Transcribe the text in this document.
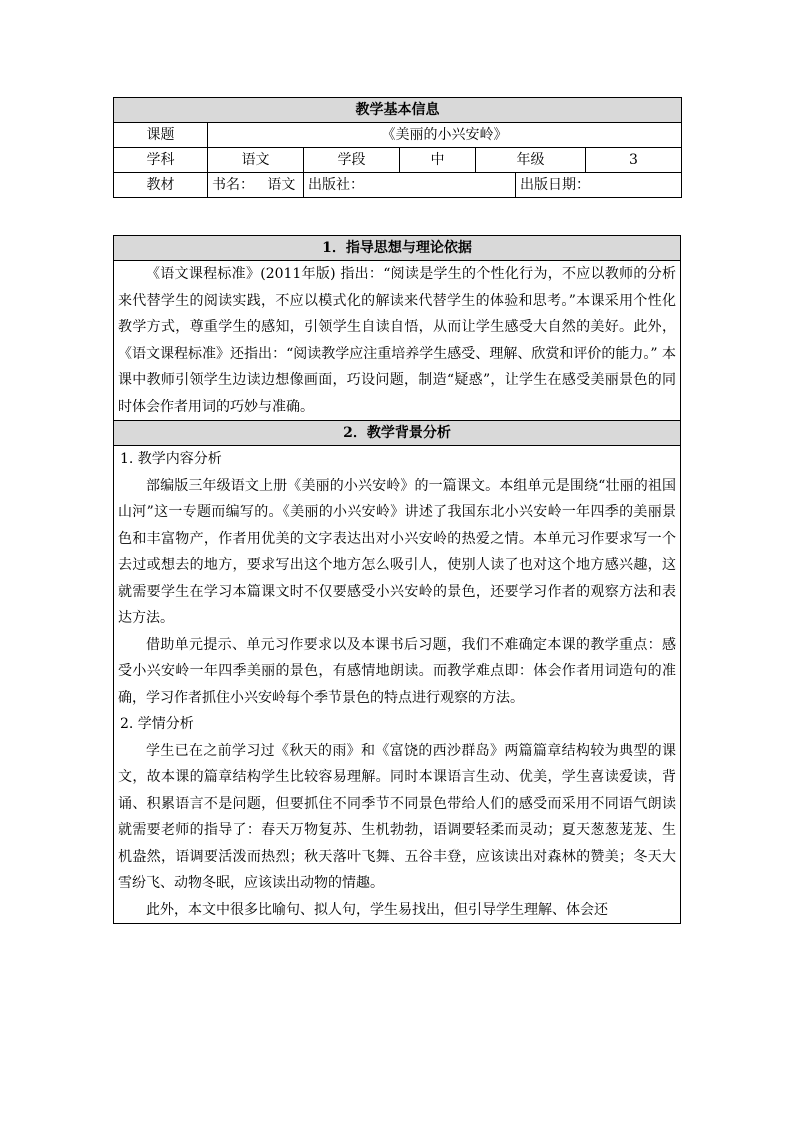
教学基本信息						
课题	《美丽的小兴安岭》					
学科	语文	学段	中	年级		3
教材	书名： 语文	出版社：			出版日期：	
1．指导思想与理论依据

《语文课程标准》(2011年版) 指出：“阅读是学生的个性化行为，不应以教师的分析来代替学生的阅读实践，不应以模式化的解读来代替学生的体验和思考。”本课采用个性化教学方式，尊重学生的感知，引领学生自读自悟，从而让学生感受大自然的美好。此外，《语文课程标准》还指出：“阅读教学应注重培养学生感受、理解、欣赏和评价的能力。” 本课中教师引领学生边读边想像画面，巧设问题，制造“疑惑”，让学生在感受美丽景色的同时体会作者用词的巧妙与准确。

2．教学背景分析

1. 教学内容分析

部编版三年级语文上册《美丽的小兴安岭》的一篇课文。本组单元是围绕“壮丽的祖国山河”这一专题而编写的。《美丽的小兴安岭》讲述了我国东北小兴安岭一年四季的美丽景色和丰富物产，作者用优美的文字表达出对小兴安岭的热爱之情。本单元习作要求写一个去过或想去的地方，要求写出这个地方怎么吸引人，使别人读了也对这个地方感兴趣，这就需要学生在学习本篇课文时不仅要感受小兴安岭的景色，还要学习作者的观察方法和表达方法。

借助单元提示、单元习作要求以及本课书后习题，我们不难确定本课的教学重点：感受小兴安岭一年四季美丽的景色，有感情地朗读。而教学难点即：体会作者用词造句的准确，学习作者抓住小兴安岭每个季节景色的特点进行观察的方法。

2. 学情分析

学生已在之前学习过《秋天的雨》和《富饶的西沙群岛》两篇篇章结构较为典型的课文，故本课的篇章结构学生比较容易理解。同时本课语言生动、优美，学生喜读爱读，背诵、积累语言不是问题，但要抓住不同季节不同景色带给人们的感受而采用不同语气朗读就需要老师的指导了：春天万物复苏、生机勃勃，语调要轻柔而灵动；夏天葱葱茏茏、生机盎然，语调要活泼而热烈；秋天落叶飞舞、五谷丰登，应该读出对森林的赞美；冬天大雪纷飞、动物冬眠，应该读出动物的情趣。

此外，本文中很多比喻句、拟人句，学生易找出，但引导学生理解、体会还
